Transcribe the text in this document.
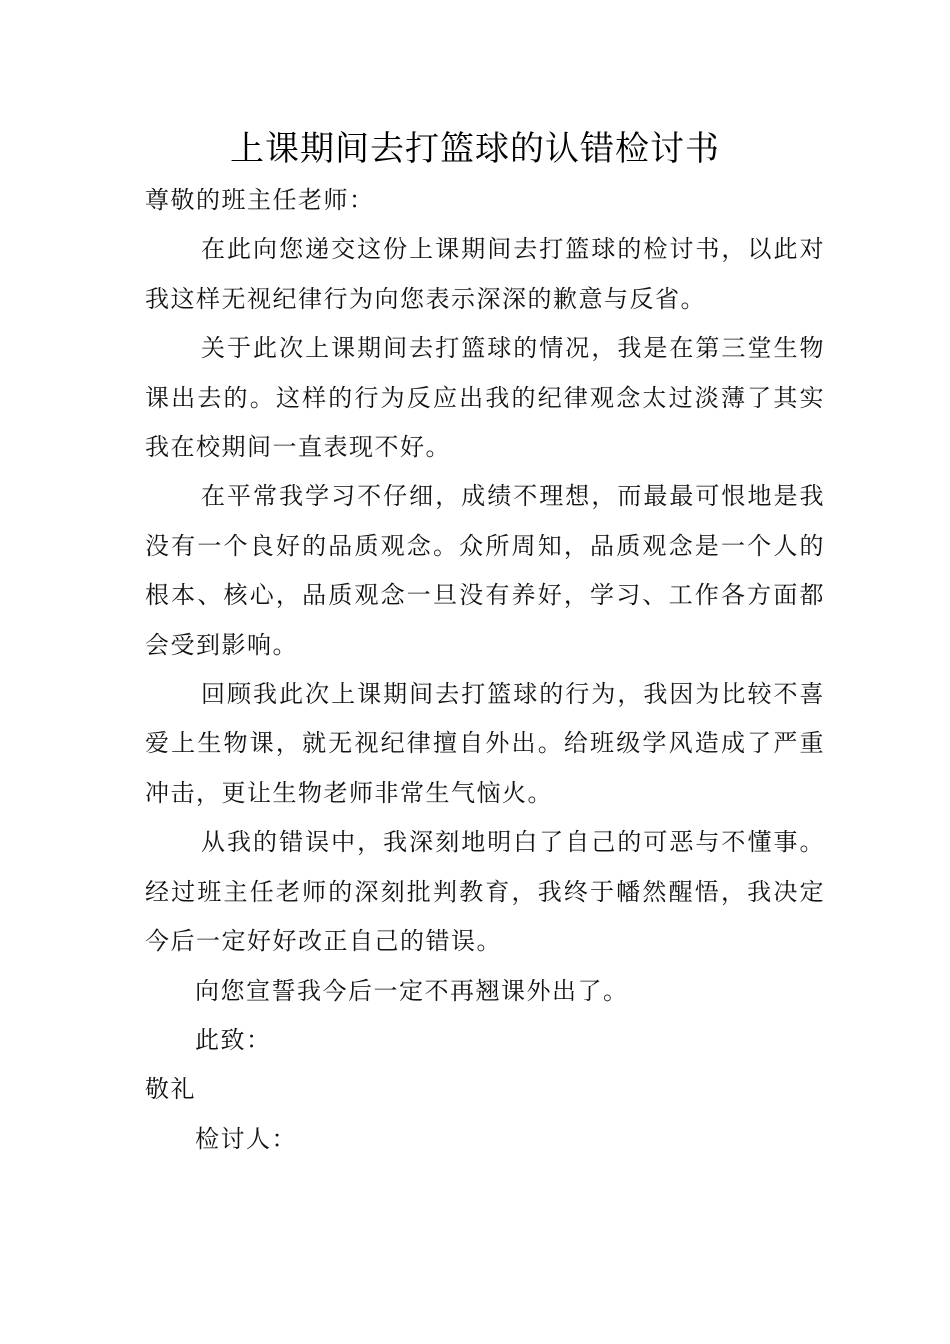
上课期间去打篮球的认错检讨书

尊敬的班主任老师：

在此向您递交这份上课期间去打篮球的检讨书，以此对我这样无视纪律行为向您表示深深的歉意与反省。

关于此次上课期间去打篮球的情况，我是在第三堂生物课出去的。这样的行为反应出我的纪律观念太过淡薄了其实我在校期间一直表现不好。

在平常我学习不仔细，成绩不理想，而最最可恨地是我没有一个良好的品质观念。众所周知，品质观念是一个人的根本、核心，品质观念一旦没有养好，学习、工作各方面都会受到影响。

回顾我此次上课期间去打篮球的行为，我因为比较不喜爱上生物课，就无视纪律擅自外出。给班级学风造成了严重冲击，更让生物老师非常生气恼火。

从我的错误中，我深刻地明白了自己的可恶与不懂事。经过班主任老师的深刻批判教育，我终于幡然醒悟，我决定今后一定好好改正自己的错误。

向您宣誓我今后一定不再翘课外出了。

此致：

敬礼

检讨人：
